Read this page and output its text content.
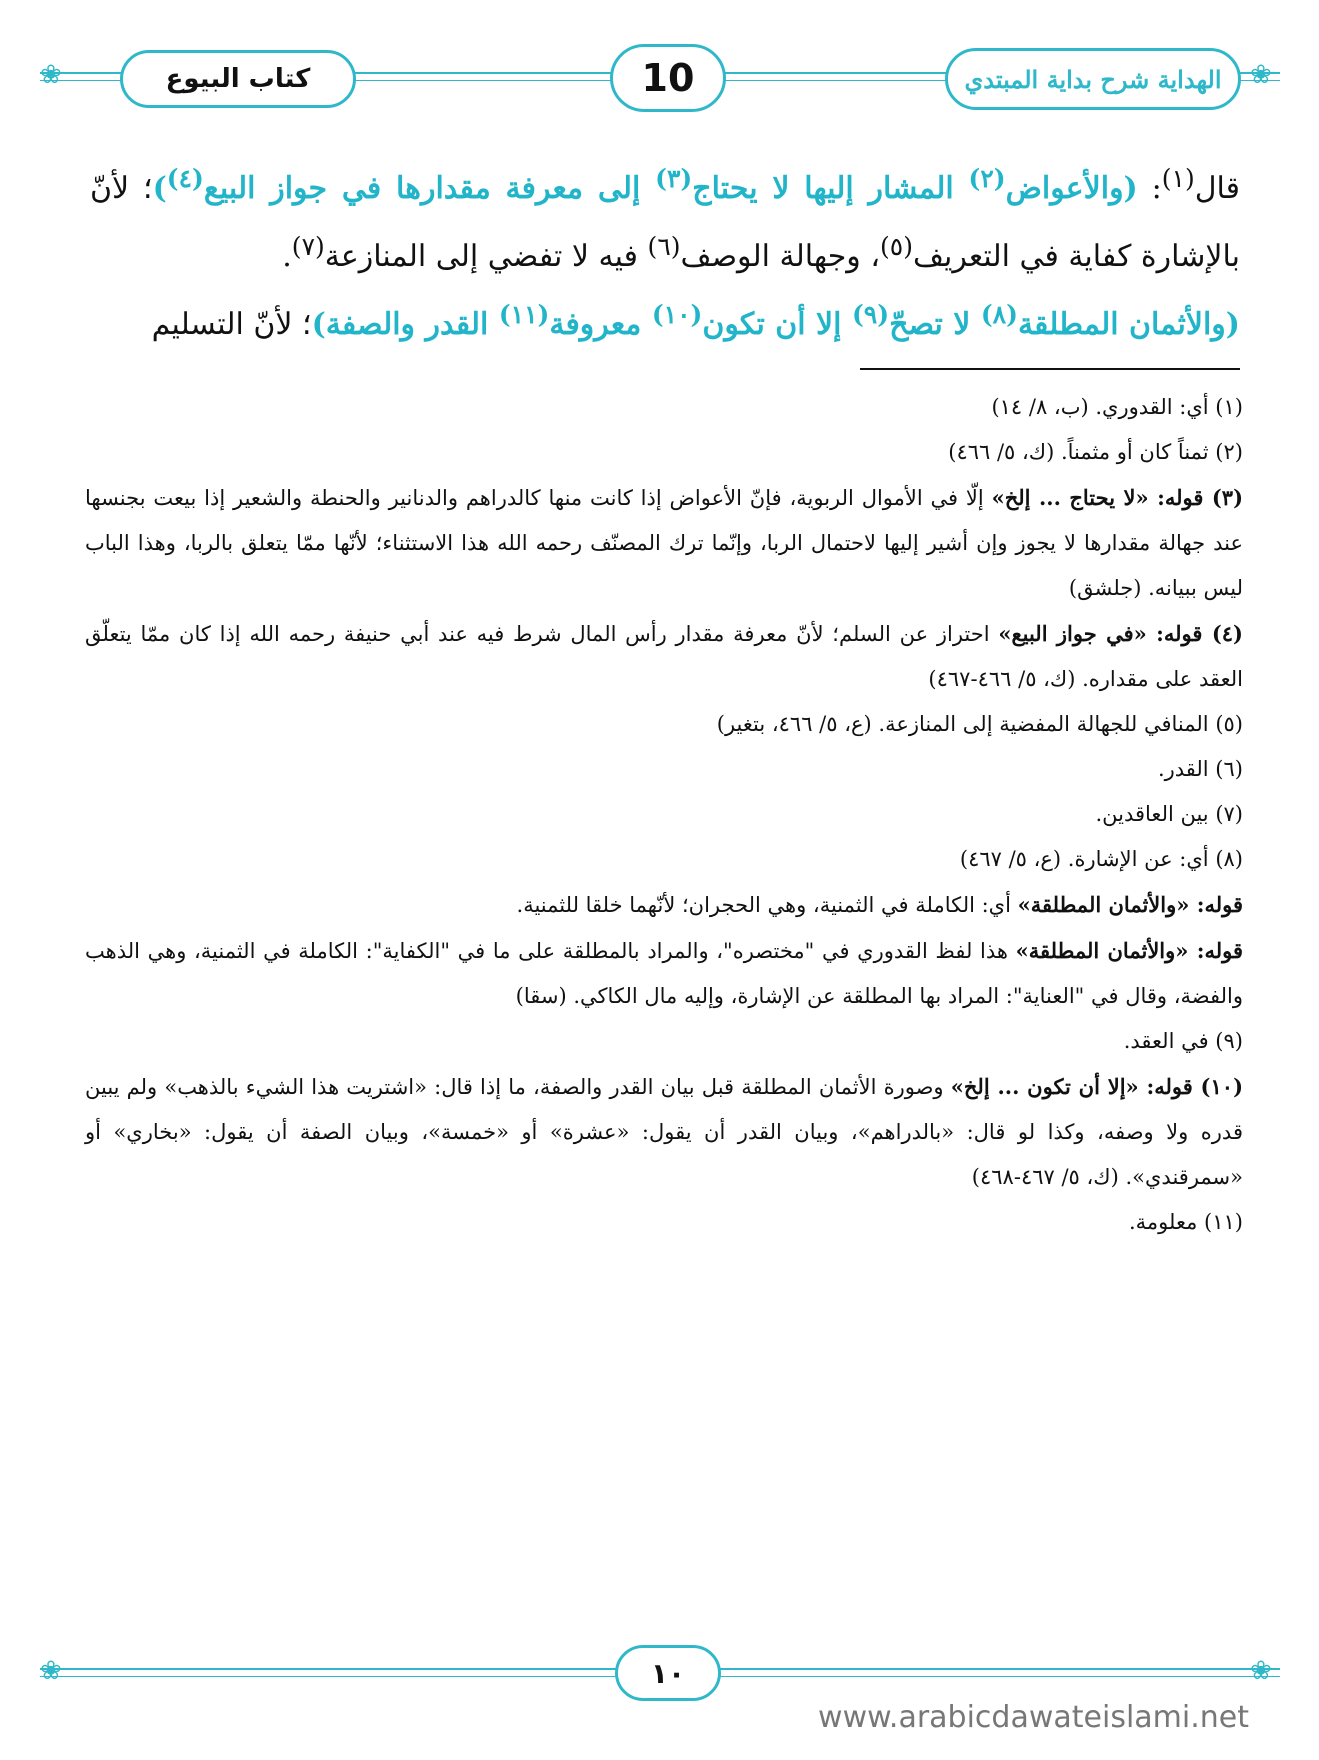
❀	❀
كتاب البيوع	10	الهداية شرح بداية المبتدي

قال$^{(١)}$: (والأعواض$^{(٢)}$ المشار إليها لا يحتاج$^{(٣)}$ إلى معرفة مقدارها في جواز البيع$^{(٤)}$)؛ لأنّ بالإشارة كفاية في التعريف$^{(٥)}$، وجهالة الوصف$^{(٦)}$ فيه لا تفضي إلى المنازعة$^{(٧)}$.

(والأثمان المطلقة$^{(٨)}$ لا تصحّ$^{(٩)}$ إلا أن تكون$^{(١٠)}$ معروفة$^{(١١)}$ القدر والصفة)؛ لأنّ التسليم

(١) أي: القدوري. (ب، ٨/ ١٤)

(٢) ثمناً كان أو مثمناً. (ك، ٥/ ٤٦٦)

(٣) قوله: «لا يحتاج ... إلخ» إلّا في الأموال الربوية، فإنّ الأعواض إذا كانت منها كالدراهم والدنانير والحنطة والشعير إذا بيعت بجنسها عند جهالة مقدارها لا يجوز وإن أشير إليها لاحتمال الربا، وإنّما ترك المصنّف رحمه الله هذا الاستثناء؛ لأنّها ممّا يتعلق بالربا، وهذا الباب ليس ببيانه. (جلشق)

(٤) قوله: «في جواز البيع» احتراز عن السلم؛ لأنّ معرفة مقدار رأس المال شرط فيه عند أبي حنيفة رحمه الله إذا كان ممّا يتعلّق العقد على مقداره. (ك، ٥/ ٤٦٦-٤٦٧)

(٥) المنافي للجهالة المفضية إلى المنازعة. (ع، ٥/ ٤٦٦، بتغير)

(٦) القدر.

(٧) بين العاقدين.

(٨) أي: عن الإشارة. (ع، ٥/ ٤٦٧)

قوله: «والأثمان المطلقة» أي: الكاملة في الثمنية، وهي الحجران؛ لأنّهما خلقا للثمنية.

قوله: «والأثمان المطلقة» هذا لفظ القدوري في "مختصره"، والمراد بالمطلقة على ما في "الكفاية": الكاملة في الثمنية، وهي الذهب والفضة، وقال في "العناية": المراد بها المطلقة عن الإشارة، وإليه مال الكاكي. (سقا)

(٩) في العقد.

(١٠) قوله: «إلا أن تكون ... إلخ» وصورة الأثمان المطلقة قبل بيان القدر والصفة، ما إذا قال: «اشتريت هذا الشيء بالذهب» ولم يبين قدره ولا وصفه، وكذا لو قال: «بالدراهم»، وبيان القدر أن يقول: «عشرة» أو «خمسة»، وبيان الصفة أن يقول: «بخاري» أو «سمرقندي». (ك، ٥/ ٤٦٧-٤٦٨)

(١١) معلومة.

❀	❀
١٠
www.arabicdawateislami.net
